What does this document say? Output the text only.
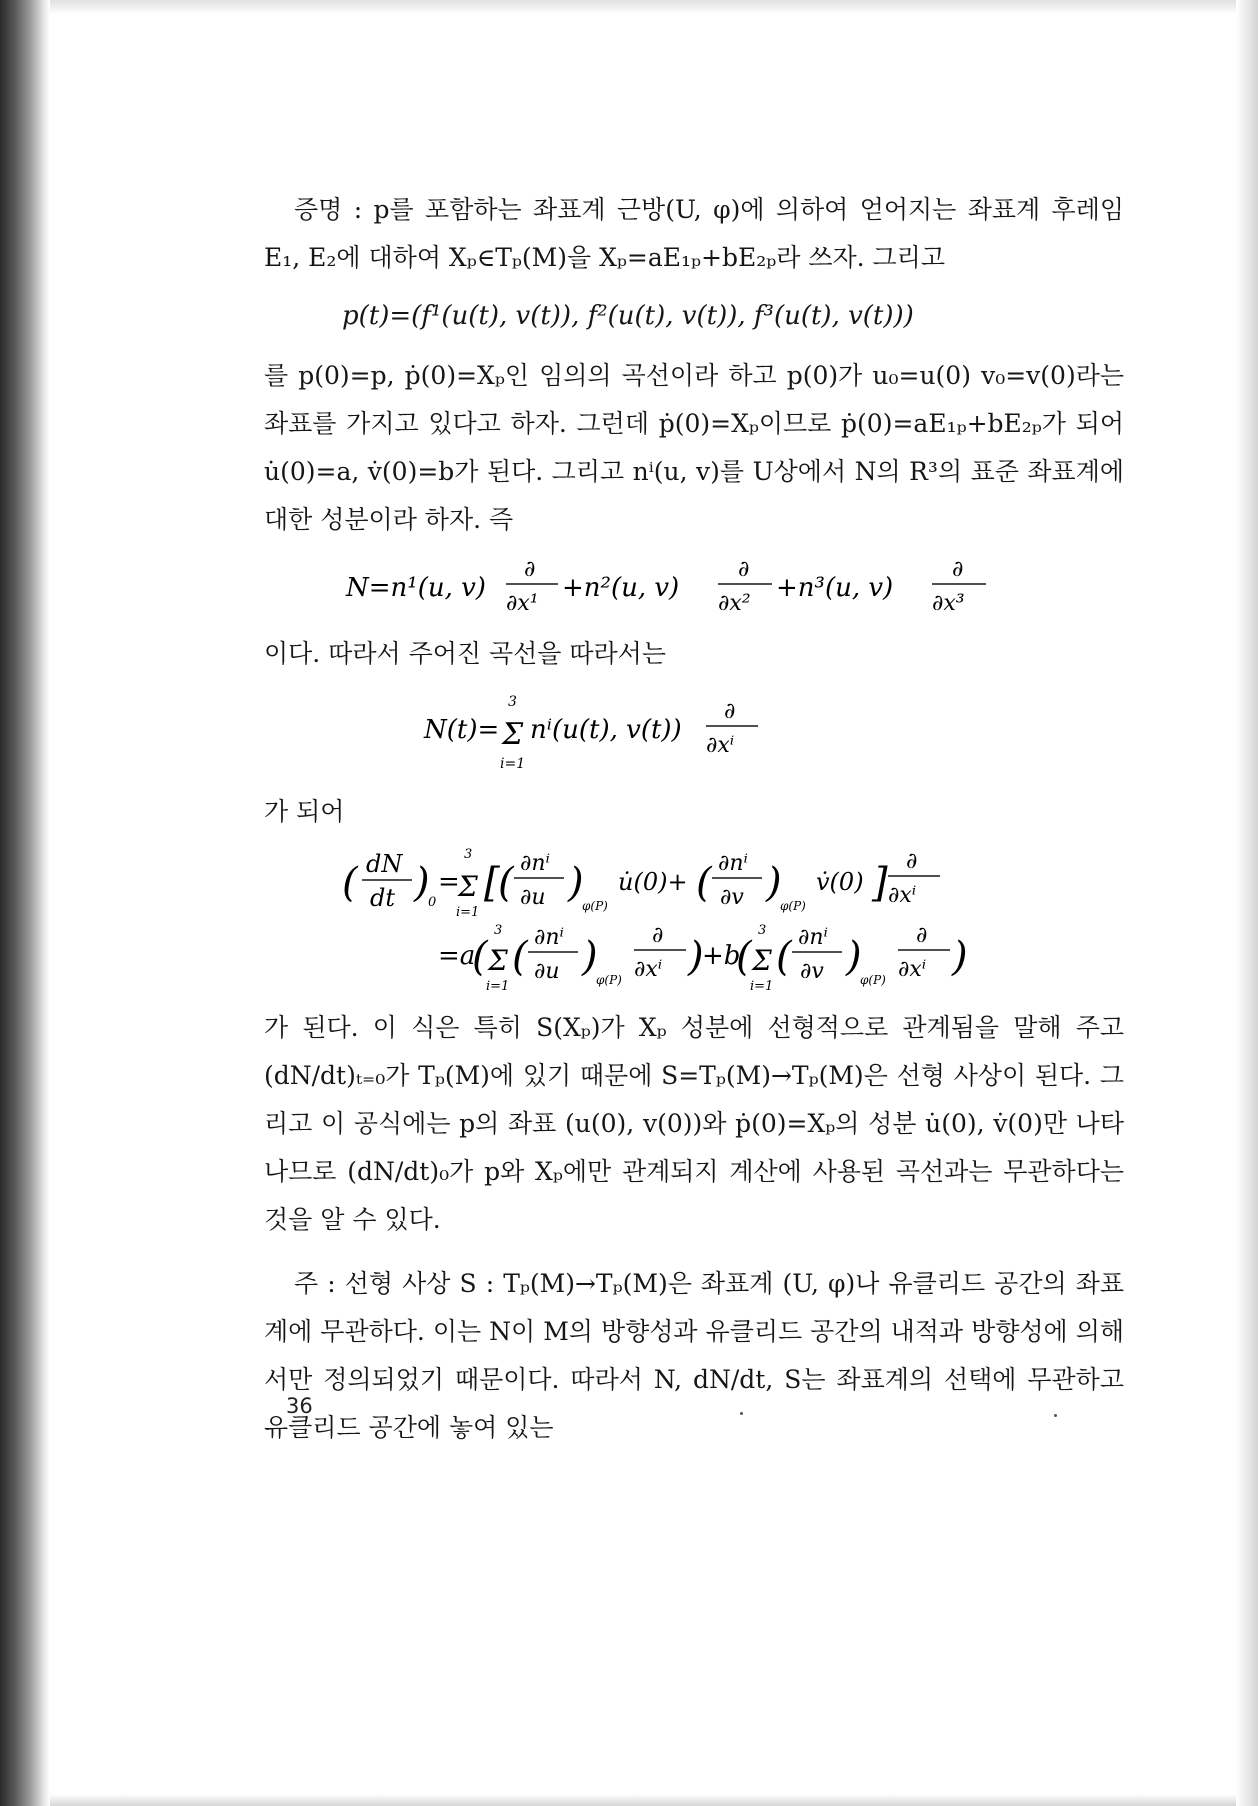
증명 : p를 포함하는 좌표계 근방(U, φ)에 의하여 얻어지는 좌표계 후레임 E₁, E₂에 대하여 Xₚ∈Tₚ(M)을 Xₚ=aE₁ₚ+bE₂ₚ라 쓰자. 그리고

p(t)=(f¹(u(t), v(t)), f²(u(t), v(t)), f³(u(t), v(t)))

를 p(0)=p, ṗ(0)=Xₚ인 임의의 곡선이라 하고 p(0)가 u₀=u(0) v₀=v(0)라는 좌표를 가지고 있다고 하자. 그런데 ṗ(0)=Xₚ이므로 ṗ(0)=aE₁ₚ+bE₂ₚ가 되어 u̇(0)=a, v̇(0)=b가 된다. 그리고 nⁱ(u, v)를 U상에서 N의 R³의 표준 좌표계에 대한 성분이라 하자. 즉

N=n¹(u, v)
∂
∂x¹
+n²(u, v)
∂
∂x²
+n³(u, v)
∂
∂x³

이다. 따라서 주어진 곡선을 따라서는

N(t)=
3
Σ
i=1
nⁱ(u(t), v(t))
∂
∂xⁱ

가 되어

( dN
dt )
0
=
3
Σ
i=1
[
( ∂nⁱ
∂u )
φ(P)
u̇(0)+ ( ∂nⁱ
∂v )
φ(P)
v̇(0) ] ∂
∂xⁱ
=a
(
3
Σ
i=1
( ∂nⁱ
∂u )
φ(P)
∂
∂xⁱ )
+b
(
3
Σ
i=1
( ∂nⁱ
∂v )
φ(P)
∂
∂xⁱ )

가 된다. 이 식은 특히 S(Xₚ)가 Xₚ 성분에 선형적으로 관계됨을 말해 주고 (dN/dt)ₜ₌₀가 Tₚ(M)에 있기 때문에 S=Tₚ(M)→Tₚ(M)은 선형 사상이 된다. 그리고 이 공식에는 p의 좌표 (u(0), v(0))와 ṗ(0)=Xₚ의 성분 u̇(0), v̇(0)만 나타나므로 (dN/dt)₀가 p와 Xₚ에만 관계되지 계산에 사용된 곡선과는 무관하다는 것을 알 수 있다.

주 : 선형 사상 S : Tₚ(M)→Tₚ(M)은 좌표계 (U, φ)나 유클리드 공간의 좌표계에 무관하다. 이는 N이 M의 방향성과 유클리드 공간의 내적과 방향성에 의해서만 정의되었기 때문이다. 따라서 N, dN/dt, S는 좌표계의 선택에 무관하고 유클리드 공간에 놓여 있는

36
